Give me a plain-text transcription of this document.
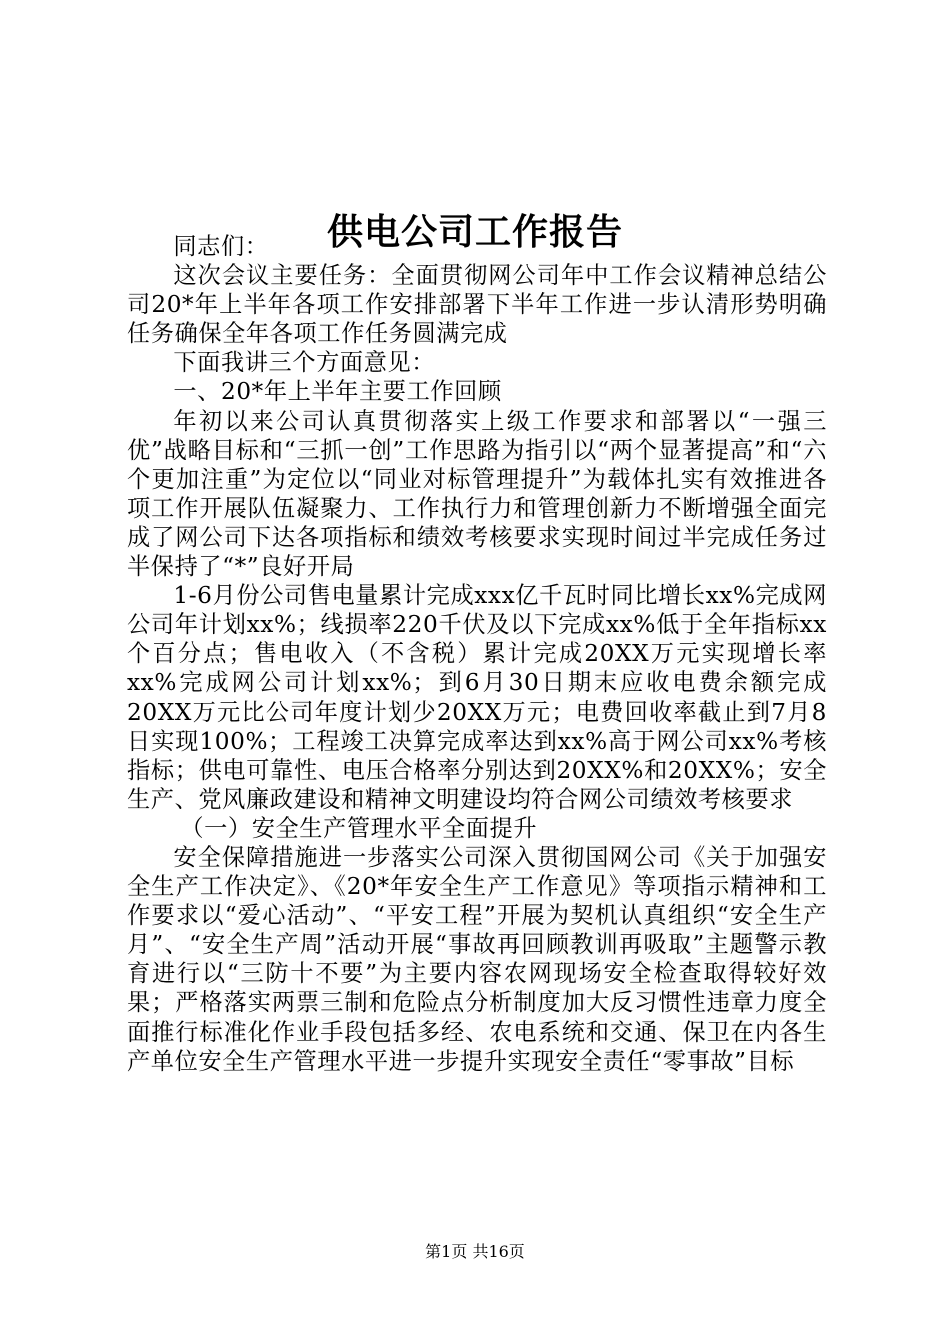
供电公司工作报告

同志们：

这次会议主要任务：全面贯彻网公司年中工作会议精神总结公司20*年上半年各项工作安排部署下半年工作进一步认清形势明确任务确保全年各项工作任务圆满完成

下面我讲三个方面意见：

一、20*年上半年主要工作回顾

年初以来公司认真贯彻落实上级工作要求和部署以“一强三优”战略目标和“三抓一创”工作思路为指引以“两个显著提高”和“六个更加注重”为定位以“同业对标管理提升”为载体扎实有效推进各项工作开展队伍凝聚力、工作执行力和管理创新力不断增强全面完成了网公司下达各项指标和绩效考核要求实现时间过半完成任务过半保持了“*”良好开局

1-6月份公司售电量累计完成xxx亿千瓦时同比增长xx%完成网公司年计划xx%；线损率220千伏及以下完成xx%低于全年指标xx个百分点；售电收入（不含税）累计完成20XX万元实现增长率xx%完成网公司计划xx%；到6月30日期末应收电费余额完成20XX万元比公司年度计划少20XX万元；电费回收率截止到7月8日实现100%；工程竣工决算完成率达到xx%高于网公司xx%考核指标；供电可靠性、电压合格率分别达到20XX%和20XX%；安全生产、党风廉政建设和精神文明建设均符合网公司绩效考核要求

（一）安全生产管理水平全面提升

安全保障措施进一步落实公司深入贯彻国网公司《关于加强安全生产工作决定》、《20*年安全生产工作意见》等项指示精神和工作要求以“爱心活动”、“平安工程”开展为契机认真组织“安全生产月”、“安全生产周”活动开展“事故再回顾教训再吸取”主题警示教育进行以“三防十不要”为主要内容农网现场安全检查取得较好效果；严格落实两票三制和危险点分析制度加大反习惯性违章力度全面推行标准化作业手段包括多经、农电系统和交通、保卫在内各生产单位安全生产管理水平进一步提升实现安全责任“零事故”目标

第1页 共16页
